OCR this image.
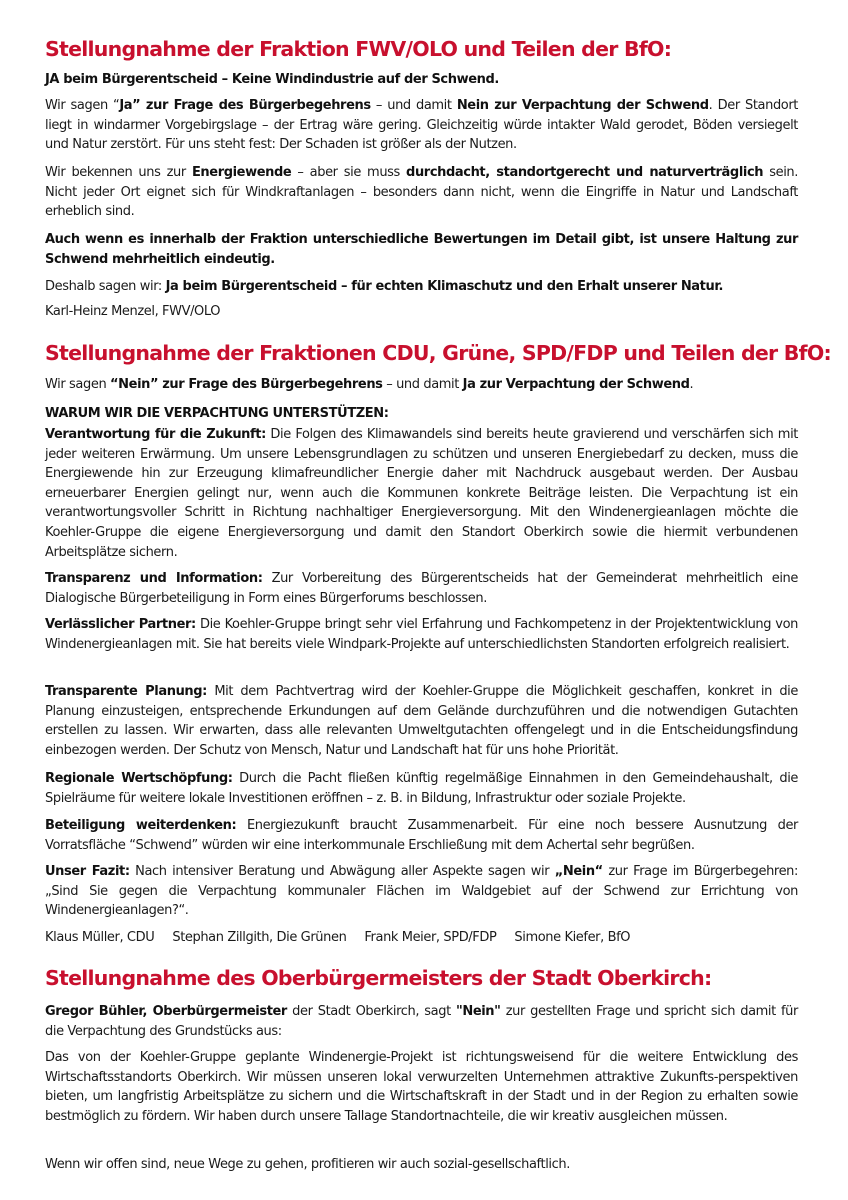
Stellungnahme der Fraktion FWV/OLO und Teilen der BfO:

JA beim Bürgerentscheid – Keine Windindustrie auf der Schwend.

Wir sagen “Ja” zur Frage des Bürgerbegehrens – und damit Nein zur Verpachtung der Schwend. Der Standort liegt in windarmer Vorgebirgslage – der Ertrag wäre gering. Gleichzeitig würde intakter Wald gerodet, Böden versiegelt und Natur zerstört. Für uns steht fest: Der Schaden ist größer als der Nutzen.

Wir bekennen uns zur Energiewende – aber sie muss durchdacht, standortgerecht und naturverträglich sein. Nicht jeder Ort eignet sich für Windkraftanlagen – besonders dann nicht, wenn die Eingriffe in Natur und Landschaft erheblich sind.

Auch wenn es innerhalb der Fraktion unterschiedliche Bewertungen im Detail gibt, ist unsere Haltung zur Schwend mehrheitlich eindeutig.

Deshalb sagen wir: Ja beim Bürgerentscheid – für echten Klimaschutz und den Erhalt unserer Natur.

Karl-Heinz Menzel, FWV/OLO

Stellungnahme der Fraktionen CDU, Grüne, SPD/FDP und Teilen der BfO:

Wir sagen “Nein” zur Frage des Bürgerbegehrens – und damit Ja zur Verpachtung der Schwend.

WARUM WIR DIE VERPACHTUNG UNTERSTÜTZEN:

Verantwortung für die Zukunft: Die Folgen des Klimawandels sind bereits heute gravierend und verschärfen sich mit jeder weiteren Erwärmung. Um unsere Lebensgrundlagen zu schützen und unseren Energiebedarf zu decken, muss die Energiewende hin zur Erzeugung klimafreundlicher Energie daher mit Nachdruck ausgebaut werden. Der Ausbau erneuerbarer Energien gelingt nur, wenn auch die Kommunen konkrete Beiträge leisten. Die Verpachtung ist ein verantwortungsvoller Schritt in Richtung nachhaltiger Energieversorgung. Mit den Windenergieanlagen möchte die Koehler-Gruppe die eigene Energieversorgung und damit den Standort Oberkirch sowie die hiermit verbundenen Arbeitsplätze sichern.

Transparenz und Information: Zur Vorbereitung des Bürgerentscheids hat der Gemeinderat mehrheitlich eine Dialogische Bürgerbeteiligung in Form eines Bürgerforums beschlossen.

Verlässlicher Partner: Die Koehler-Gruppe bringt sehr viel Erfahrung und Fachkompetenz in der Projektentwicklung von Windenergieanlagen mit. Sie hat bereits viele Windpark-Projekte auf unterschiedlichsten Standorten erfolgreich realisiert.

Transparente Planung: Mit dem Pachtvertrag wird der Koehler-Gruppe die Möglichkeit geschaffen, konkret in die Planung einzusteigen, entsprechende Erkundungen auf dem Gelände durchzuführen und die notwendigen Gutachten erstellen zu lassen. Wir erwarten, dass alle relevanten Umweltgutachten offengelegt und in die Entscheidungsfindung einbezogen werden. Der Schutz von Mensch, Natur und Landschaft hat für uns hohe Priorität.

Regionale Wertschöpfung: Durch die Pacht fließen künftig regelmäßige Einnahmen in den Gemeindehaushalt, die Spielräume für weitere lokale Investitionen eröffnen – z. B. in Bildung, Infrastruktur oder soziale Projekte.

Beteiligung weiterdenken: Energiezukunft braucht Zusammenarbeit. Für eine noch bessere Ausnutzung der Vorratsfläche “Schwend” würden wir eine interkommunale Erschließung mit dem Achertal sehr begrüßen.

Unser Fazit: Nach intensiver Beratung und Abwägung aller Aspekte sagen wir „Nein“ zur Frage im Bürgerbegehren: „Sind Sie gegen die Verpachtung kommunaler Flächen im Waldgebiet auf der Schwend zur Errichtung von Windenergieanlagen?“.

Klaus Müller, CDU Stephan Zillgith, Die Grünen Frank Meier, SPD/FDP Simone Kiefer, BfO

Stellungnahme des Oberbürgermeisters der Stadt Oberkirch:

Gregor Bühler, Oberbürgermeister der Stadt Oberkirch, sagt "Nein" zur gestellten Frage und spricht sich damit für die Verpachtung des Grundstücks aus:

Das von der Koehler-Gruppe geplante Windenergie-Projekt ist richtungsweisend für die weitere Entwicklung des Wirtschaftsstandorts Oberkirch. Wir müssen unseren lokal verwurzelten Unternehmen attraktive Zukunfts-perspektiven bieten, um langfristig Arbeitsplätze zu sichern und die Wirtschaftskraft in der Stadt und in der Region zu erhalten sowie bestmöglich zu fördern. Wir haben durch unsere Tallage Standortnachteile, die wir kreativ ausgleichen müssen.

Wenn wir offen sind, neue Wege zu gehen, profitieren wir auch sozial-gesellschaftlich.
